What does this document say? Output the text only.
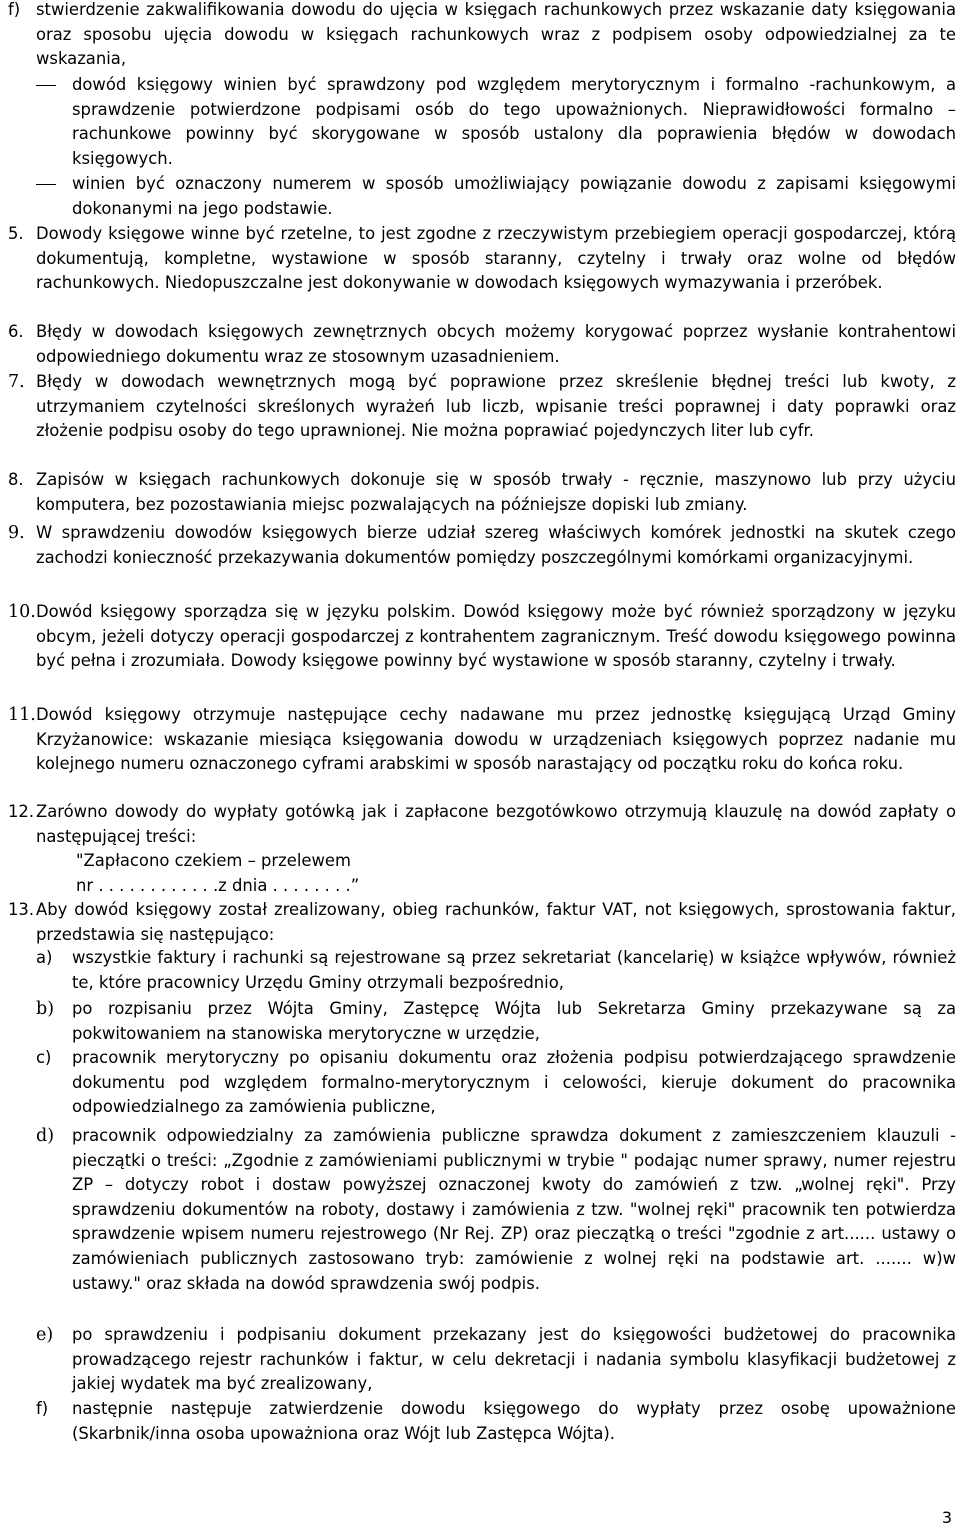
f) stwierdzenie zakwalifikowania dowodu do ujęcia w księgach rachunkowych przez wskazanie daty księgowania oraz sposobu ujęcia dowodu w księgach rachunkowych wraz z podpisem osoby odpowiedzialnej za te wskazania,
dowód księgowy winien być sprawdzony pod względem merytorycznym i formalno -rachunkowym, a sprawdzenie potwierdzone podpisami osób do tego upoważnionych. Nieprawidłowości formalno – rachunkowe powinny być skorygowane w sposób ustalony dla poprawienia błędów w dowodach księgowych.
winien być oznaczony numerem w sposób umożliwiający powiązanie dowodu z zapisami księgowymi dokonanymi na jego podstawie.
5. Dowody księgowe winne być rzetelne, to jest zgodne z rzeczywistym przebiegiem operacji gospodarczej, którą dokumentują, kompletne, wystawione w sposób staranny, czytelny i trwały oraz wolne od błędów rachunkowych. Niedopuszczalne jest dokonywanie w dowodach księgowych wymazywania i przeróbek.
6. Błędy w dowodach księgowych zewnętrznych obcych możemy korygować poprzez wysłanie kontrahentowi odpowiedniego dokumentu wraz ze stosownym uzasadnieniem.
7. Błędy w dowodach wewnętrznych mogą być poprawione przez skreślenie błędnej treści lub kwoty, z utrzymaniem czytelności skreślonych wyrażeń lub liczb, wpisanie treści poprawnej i daty poprawki oraz złożenie podpisu osoby do tego uprawnionej. Nie można poprawiać pojedynczych liter lub cyfr.
8. Zapisów w księgach rachunkowych dokonuje się w sposób trwały - ręcznie, maszynowo lub przy użyciu komputera, bez pozostawiania miejsc pozwalających na późniejsze dopiski lub zmiany.
9. W sprawdzeniu dowodów księgowych bierze udział szereg właściwych komórek jednostki na skutek czego zachodzi konieczność przekazywania dokumentów pomiędzy poszczególnymi komórkami organizacyjnymi.
10. Dowód księgowy sporządza się w języku polskim. Dowód księgowy może być również sporządzony w języku obcym, jeżeli dotyczy operacji gospodarczej z kontrahentem zagranicznym. Treść dowodu księgowego powinna być pełna i zrozumiała. Dowody księgowe powinny być wystawione w sposób staranny, czytelny i trwały.
11. Dowód księgowy otrzymuje następujące cechy nadawane mu przez jednostkę księgującą Urząd Gminy Krzyżanowice: wskazanie miesiąca księgowania dowodu w urządzeniach księgowych poprzez nadanie mu kolejnego numeru oznaczonego cyframi arabskimi w sposób narastający od początku roku do końca roku.
12. Zarówno dowody do wypłaty gotówką jak i zapłacone bezgotówkowo otrzymują klauzulę na dowód zapłaty o następującej treści:
"Zapłacono czekiem – przelewem
nr . . . . . . . . . . . .z dnia . . . . . . . .”
13. Aby dowód księgowy został zrealizowany, obieg rachunków, faktur VAT, not księgowych, sprostowania faktur, przedstawia się następująco:
a) wszystkie faktury i rachunki są rejestrowane są przez sekretariat (kancelarię) w książce wpływów, również te, które pracownicy Urzędu Gminy otrzymali bezpośrednio,
b) po rozpisaniu przez Wójta Gminy, Zastępcę Wójta lub Sekretarza Gminy przekazywane są za pokwitowaniem na stanowiska merytoryczne w urzędzie,
c) pracownik merytoryczny po opisaniu dokumentu oraz złożenia podpisu potwierdzającego sprawdzenie dokumentu pod względem formalno-merytorycznym i celowości, kieruje dokument do pracownika odpowiedzialnego za zamówienia publiczne,
d) pracownik odpowiedzialny za zamówienia publiczne sprawdza dokument z zamieszczeniem klauzuli - pieczątki o treści: „Zgodnie z zamówieniami publicznymi w trybie " podając numer sprawy, numer rejestru ZP – dotyczy robot i dostaw powyższej oznaczonej kwoty do zamówień z tzw. „wolnej ręki". Przy sprawdzeniu dokumentów na roboty, dostawy i zamówienia z tzw. "wolnej ręki" pracownik ten potwierdza sprawdzenie wpisem numeru rejestrowego (Nr Rej. ZP) oraz pieczątką o treści "zgodnie z art...... ustawy o zamówieniach publicznych zastosowano tryb: zamówienie z wolnej ręki na podstawie art. ....... w)w ustawy." oraz składa na dowód sprawdzenia swój podpis.
e) po sprawdzeniu i podpisaniu dokument przekazany jest do księgowości budżetowej do pracownika prowadzącego rejestr rachunków i faktur, w celu dekretacji i nadania symbolu klasyfikacji budżetowej z jakiej wydatek ma być zrealizowany,
f) następnie następuje zatwierdzenie dowodu księgowego do wypłaty przez osobę upoważnione (Skarbnik/inna osoba upoważniona oraz Wójt lub Zastępca Wójta).
3
